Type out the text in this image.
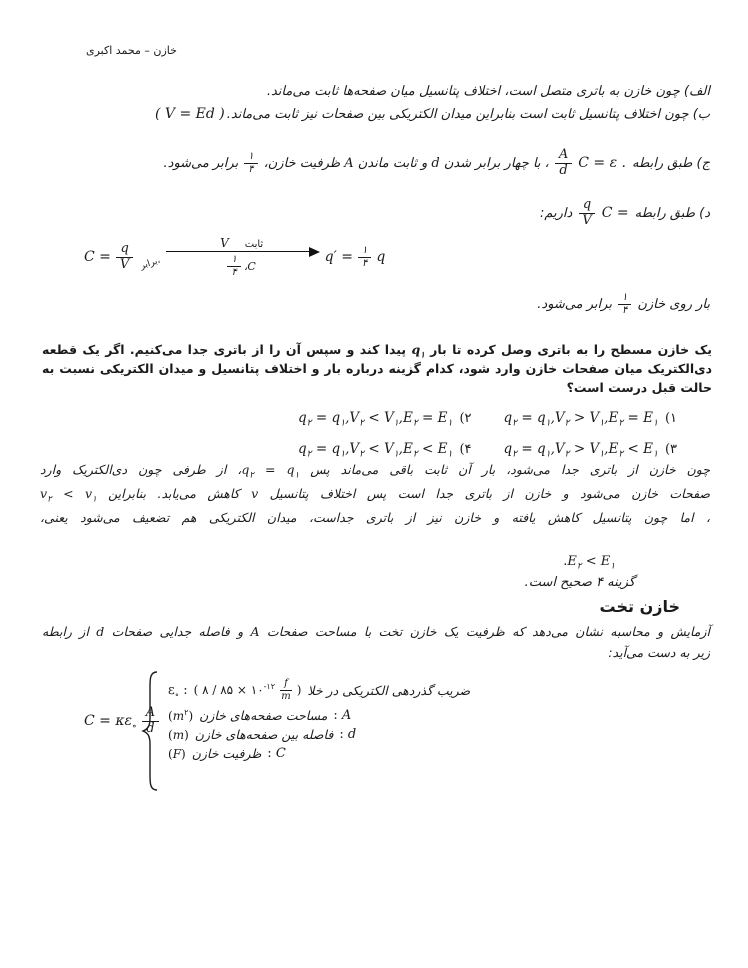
خازن – محمد اکبری
الف) چون خازن به باتری متصل است، اختلاف پتانسیل میان صفحه‌ها ثابت می‌ماند.
ب) چون اختلاف پتانسیل ثابت است بنابراین میدان الکتریکی بین صفحات نیز ثابت می‌ماند.
( V = Ed )
ج) طبق رابطه
C = ε .
$\frac{A}{d}$
، با چهار برابر شدن d و ثابت ماندن A ظرفیت خازن،
$\frac{۱}{۴}$
برابر می‌شود.
د) طبق رابطه
C =
$\frac{q}{V}$
داریم:
$C = \frac{q}{V}$ ،برابر
V ثابت
$\frac{۱}{۴}$ ،C
$q' = \frac{۱}{۴}$ q
بار روی خازن
$\frac{۱}{۴}$
برابر می‌شود.
یک خازن مسطح را به باتری وصل کرده تا بار $q_۱$ پیدا کند و سپس آن را از باتری جدا می‌کنیم. اگر یک قطعه
دی‌الکتریک میان صفحات خازن وارد شود، کدام گزینه درباره بار و اختلاف پتانسیل و میدان الکتریکی نسبت به
حالت قبل درست است؟
(۱
$q_۲ = q_۱,V_۲ > V_۱,E_۲ = E_۱$
(۲
$q_۲ = q_۱,V_۲ < V_۱,E_۲ = E_۱$
(۳
$q_۲ = q_۱,V_۲ > V_۱,E_۲ < E_۱$
(۴
$q_۲ = q_۱,V_۲ < V_۱,E_۲ < E_۱$
چون خازن از باتری جدا می‌شود، بار آن ثابت باقی می‌ماند پس $q_۲$ = $q_۱،$ از طرفی چون دی‌الکتریک وارد
صفحات خازن می‌شود و خازن از باتری جدا است پس اختلاف پتانسیل v کاهش می‌یابد. بنابراین $v_۲ < v_۱$
، اما چون پتانسیل کاهش یافته و خازن نیز از باتری جداست، میدان الکتریکی هم تضعیف می‌شود یعنی،
$E_۲ < E_۱$.
گزینه ۴ صحیح است.
خازن تخت
آزمایش و محاسبه نشان می‌دهد که ظرفیت یک خازن تخت با مساحت صفحات A و فاصله جدایی صفحات d از رابطه
زیر به دست می‌آید:
$C = \kappa\varepsilon_\circ \frac{A}{d}$
ضریب گذردهی الکتریکی در خلا
( ۸ / ۸۵ × $۱۰^{-۱۲} \frac{f}{m}$ )
$\varepsilon_\circ$ :
: A
مساحت صفحه‌های خازن
$(m^۲)$
: d
فاصله بین صفحه‌های خازن
(m)
: C
ظرفیت خازن
(F)
